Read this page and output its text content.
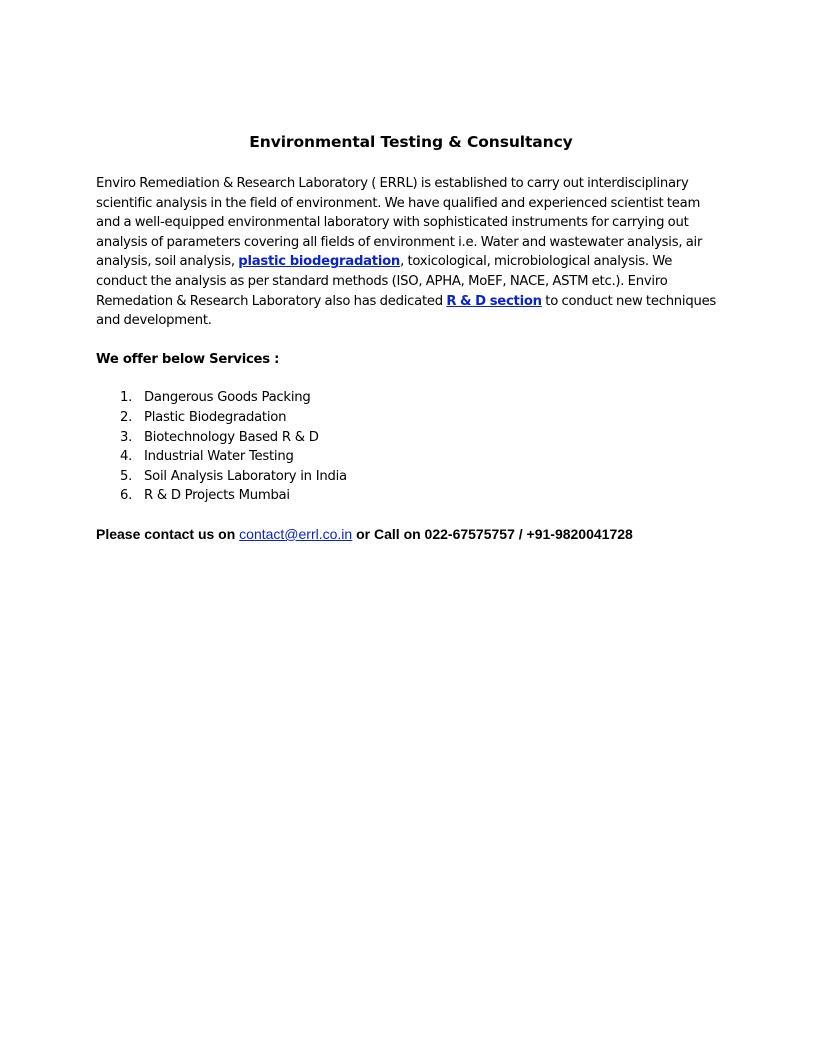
Environmental Testing & Consultancy

Enviro Remediation & Research Laboratory ( ERRL) is established to carry out interdisciplinary scientific analysis in the field of environment. We have qualified and experienced scientist team and a well-equipped environmental laboratory with sophisticated instruments for carrying out analysis of parameters covering all fields of environment i.e. Water and wastewater analysis, air analysis, soil analysis, plastic biodegradation, toxicological, microbiological analysis. We conduct the analysis as per standard methods (ISO, APHA, MoEF, NACE, ASTM etc.). Enviro Remedation & Research Laboratory also has dedicated R & D section to conduct new techniques and development.

We offer below Services :

1. Dangerous Goods Packing
2. Plastic Biodegradation
3. Biotechnology Based R & D
4. Industrial Water Testing
5. Soil Analysis Laboratory in India
6. R & D Projects Mumbai

Please contact us on contact@errl.co.in or Call on 022-67575757 / +91-9820041728
